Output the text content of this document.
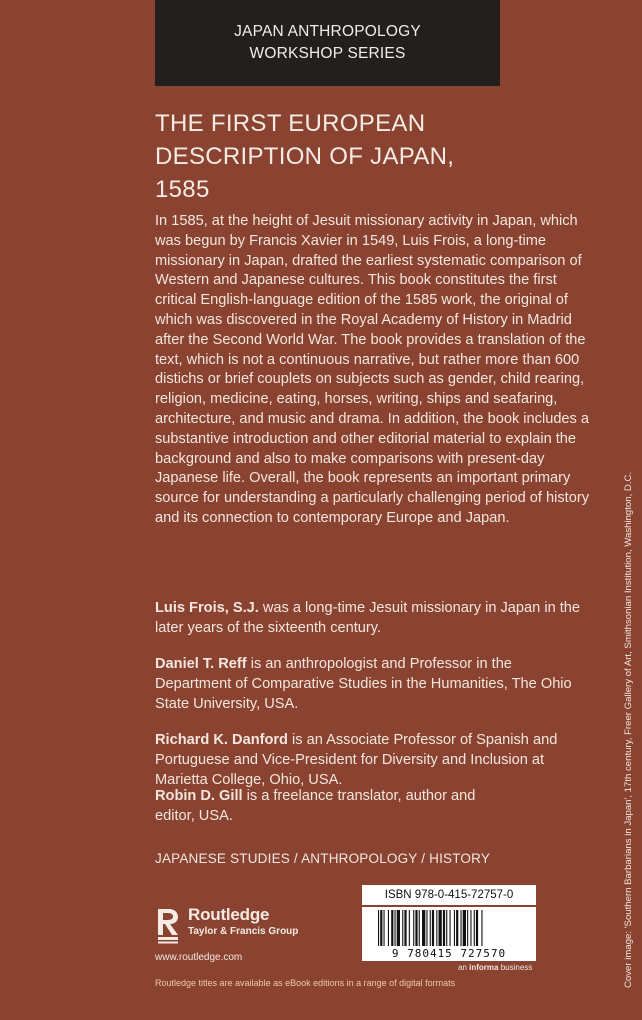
JAPAN ANTHROPOLOGY
WORKSHOP SERIES
THE FIRST EUROPEAN
DESCRIPTION OF JAPAN,
1585

In 1585, at the height of Jesuit missionary activity in Japan, which was begun by Francis Xavier in 1549, Luis Frois, a long-time missionary in Japan, drafted the earliest systematic comparison of Western and Japanese cultures. This book constitutes the first critical English-language edition of the 1585 work, the original of which was discovered in the Royal Academy of History in Madrid after the Second World War. The book provides a translation of the text, which is not a continuous narrative, but rather more than 600 distichs or brief couplets on subjects such as gender, child rearing, religion, medicine, eating, horses, writing, ships and seafaring, architecture, and music and drama. In addition, the book includes a substantive introduction and other editorial material to explain the background and also to make comparisons with present-day Japanese life. Overall, the book represents an important primary source for understanding a particularly challenging period of history and its connection to contemporary Europe and Japan.

Luis Frois, S.J. was a long-time Jesuit missionary in Japan in the later years of the sixteenth century.

Daniel T. Reff is an anthropologist and Professor in the Department of Comparative Studies in the Humanities, The Ohio State University, USA.

Richard K. Danford is an Associate Professor of Spanish and Portuguese and Vice-President for Diversity and Inclusion at Marietta College, Ohio, USA.

Robin D. Gill is a freelance translator, author and editor, USA.

JAPANESE STUDIES / ANTHROPOLOGY / HISTORY
Routledge
Taylor & Francis Group
www.routledge.com
ISBN 978-0-415-72757-0
9 780415 727570
an informa business
Routledge titles are available as eBook editions in a range of digital formats	Cover image: 'Southern Barbarians in Japan', 17th century, Freer Gallery of Art, Smithsonian Institution, Washington, D.C.
